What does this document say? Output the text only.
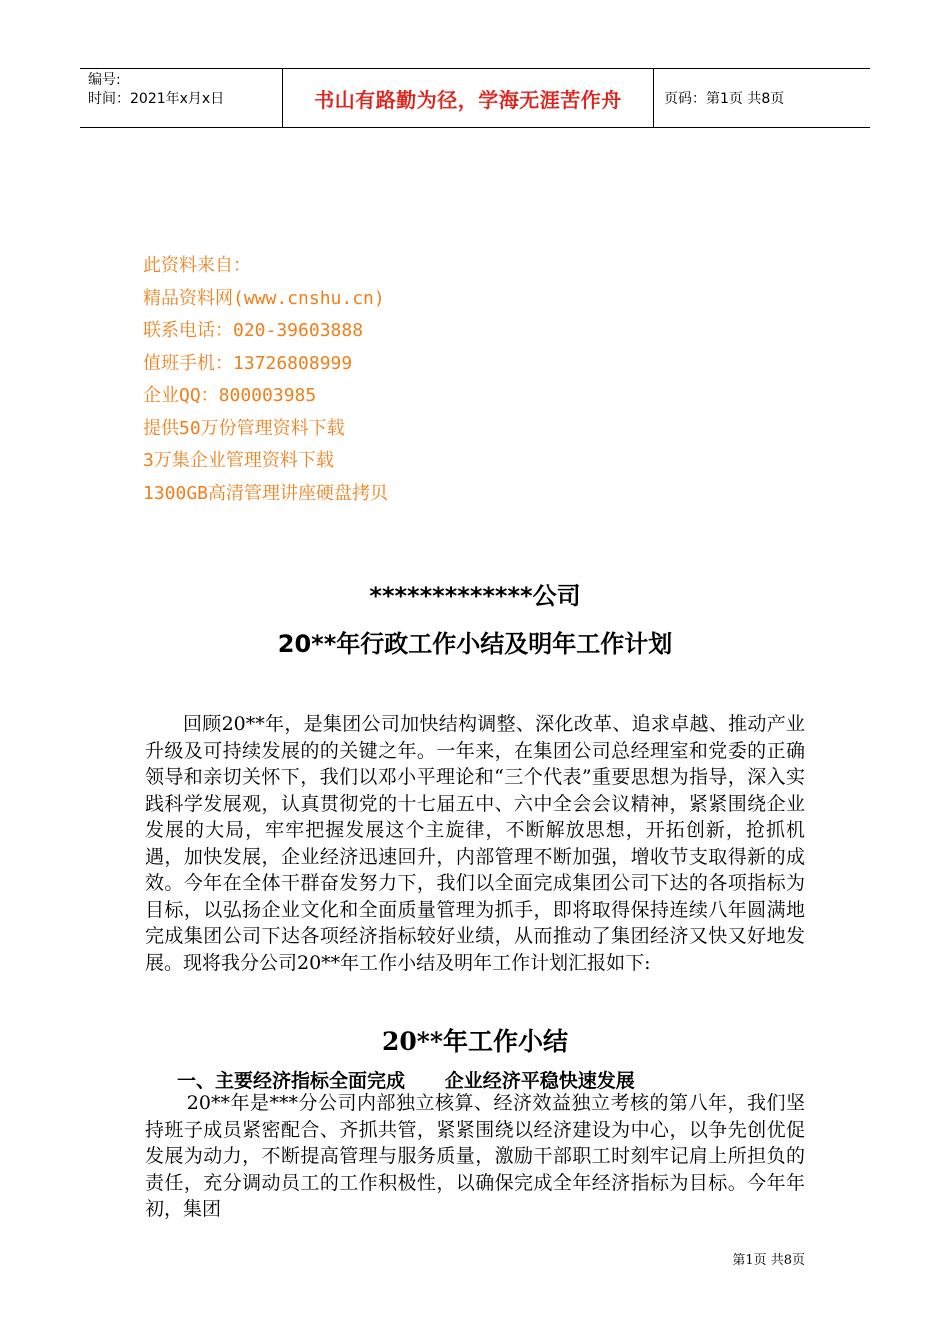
编号:
时间：2021年x月x日	书山有路勤为径，学海无涯苦作舟	页码：第1页 共8页
此资料来自：
精品资料网(www.cnshu.cn)
联系电话：020-39603888
值班手机：13726808999
企业QQ：800003985
提供50万份管理资料下载
3万集企业管理资料下载
1300GB高清管理讲座硬盘拷贝
*************公司
20**年行政工作小结及明年工作计划
回顾20**年，是集团公司加快结构调整、深化改革、追求卓越、推动产业升级及可持续发展的的关键之年。一年来，在集团公司总经理室和党委的正确领导和亲切关怀下，我们以邓小平理论和“三个代表”重要思想为指导，深入实践科学发展观，认真贯彻党的十七届五中、六中全会会议精神，紧紧围绕企业发展的大局，牢牢把握发展这个主旋律，不断解放思想，开拓创新，抢抓机遇，加快发展，企业经济迅速回升，内部管理不断加强，增收节支取得新的成效。今年在全体干群奋发努力下，我们以全面完成集团公司下达的各项指标为目标，以弘扬企业文化和全面质量管理为抓手，即将取得保持连续八年圆满地完成集团公司下达各项经济指标较好业绩，从而推动了集团经济又快又好地发展。现将我分公司20**年工作小结及明年工作计划汇报如下:
20**年工作小结
一、主要经济指标全面完成      企业经济平稳快速发展
20**年是***分公司内部独立核算、经济效益独立考核的第八年，我们坚持班子成员紧密配合、齐抓共管，紧紧围绕以经济建设为中心，以争先创优促发展为动力，不断提高管理与服务质量，激励干部职工时刻牢记肩上所担负的责任，充分调动员工的工作积极性，以确保完成全年经济指标为目标。今年年初，集团
第1页 共8页
